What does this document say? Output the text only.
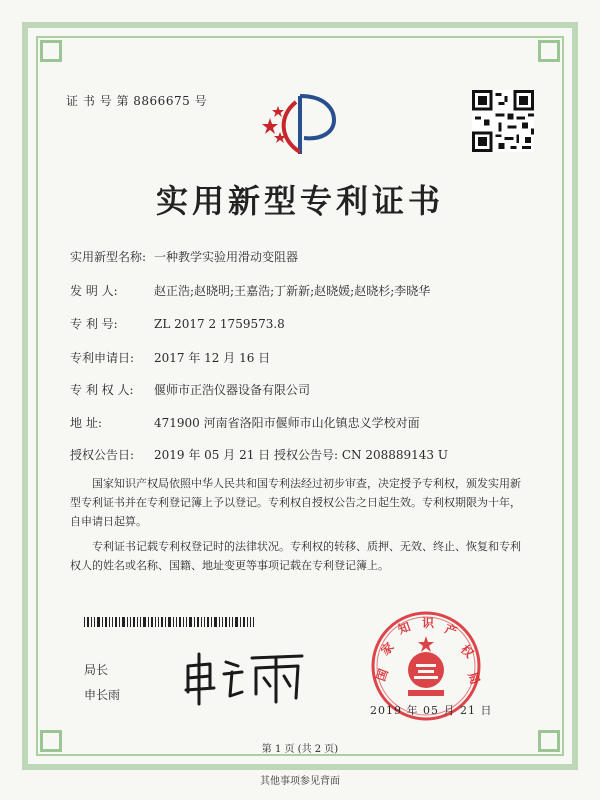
证 书 号 第 8866675 号
实用新型专利证书
实用新型名称: 一种教学实验用滑动变阻器
发 明 人:	赵正浩;赵晓明;王嘉浩;丁新新;赵晓媛;赵晓杉;李晓华
专 利 号:	ZL 2017 2 1759573.8
专利申请日: 2017 年 12 月 16 日
专 利 权 人: 偃师市正浩仪器设备有限公司
地 址:	471900 河南省洛阳市偃师市山化镇忠义学校对面
授权公告日: 2019 年 05 月 21 日 授权公告号: CN 208889143 U
国家知识产权局依照中华人民共和国专利法经过初步审查，决定授予专利权，颁发实用新型专利证书并在专利登记簿上予以登记。专利权自授权公告之日起生效。专利权期限为十年，自申请日起算。
专利证书记载专利权登记时的法律状况。专利权的转移、质押、无效、终止、恢复和专利权人的姓名或名称、国籍、地址变更等事项记载在专利登记簿上。
局长
申长雨
国
家
知 识 产
权
局
2019 年 05 月 21 日
第 1 页 (共 2 页)
其他事项参见背面
